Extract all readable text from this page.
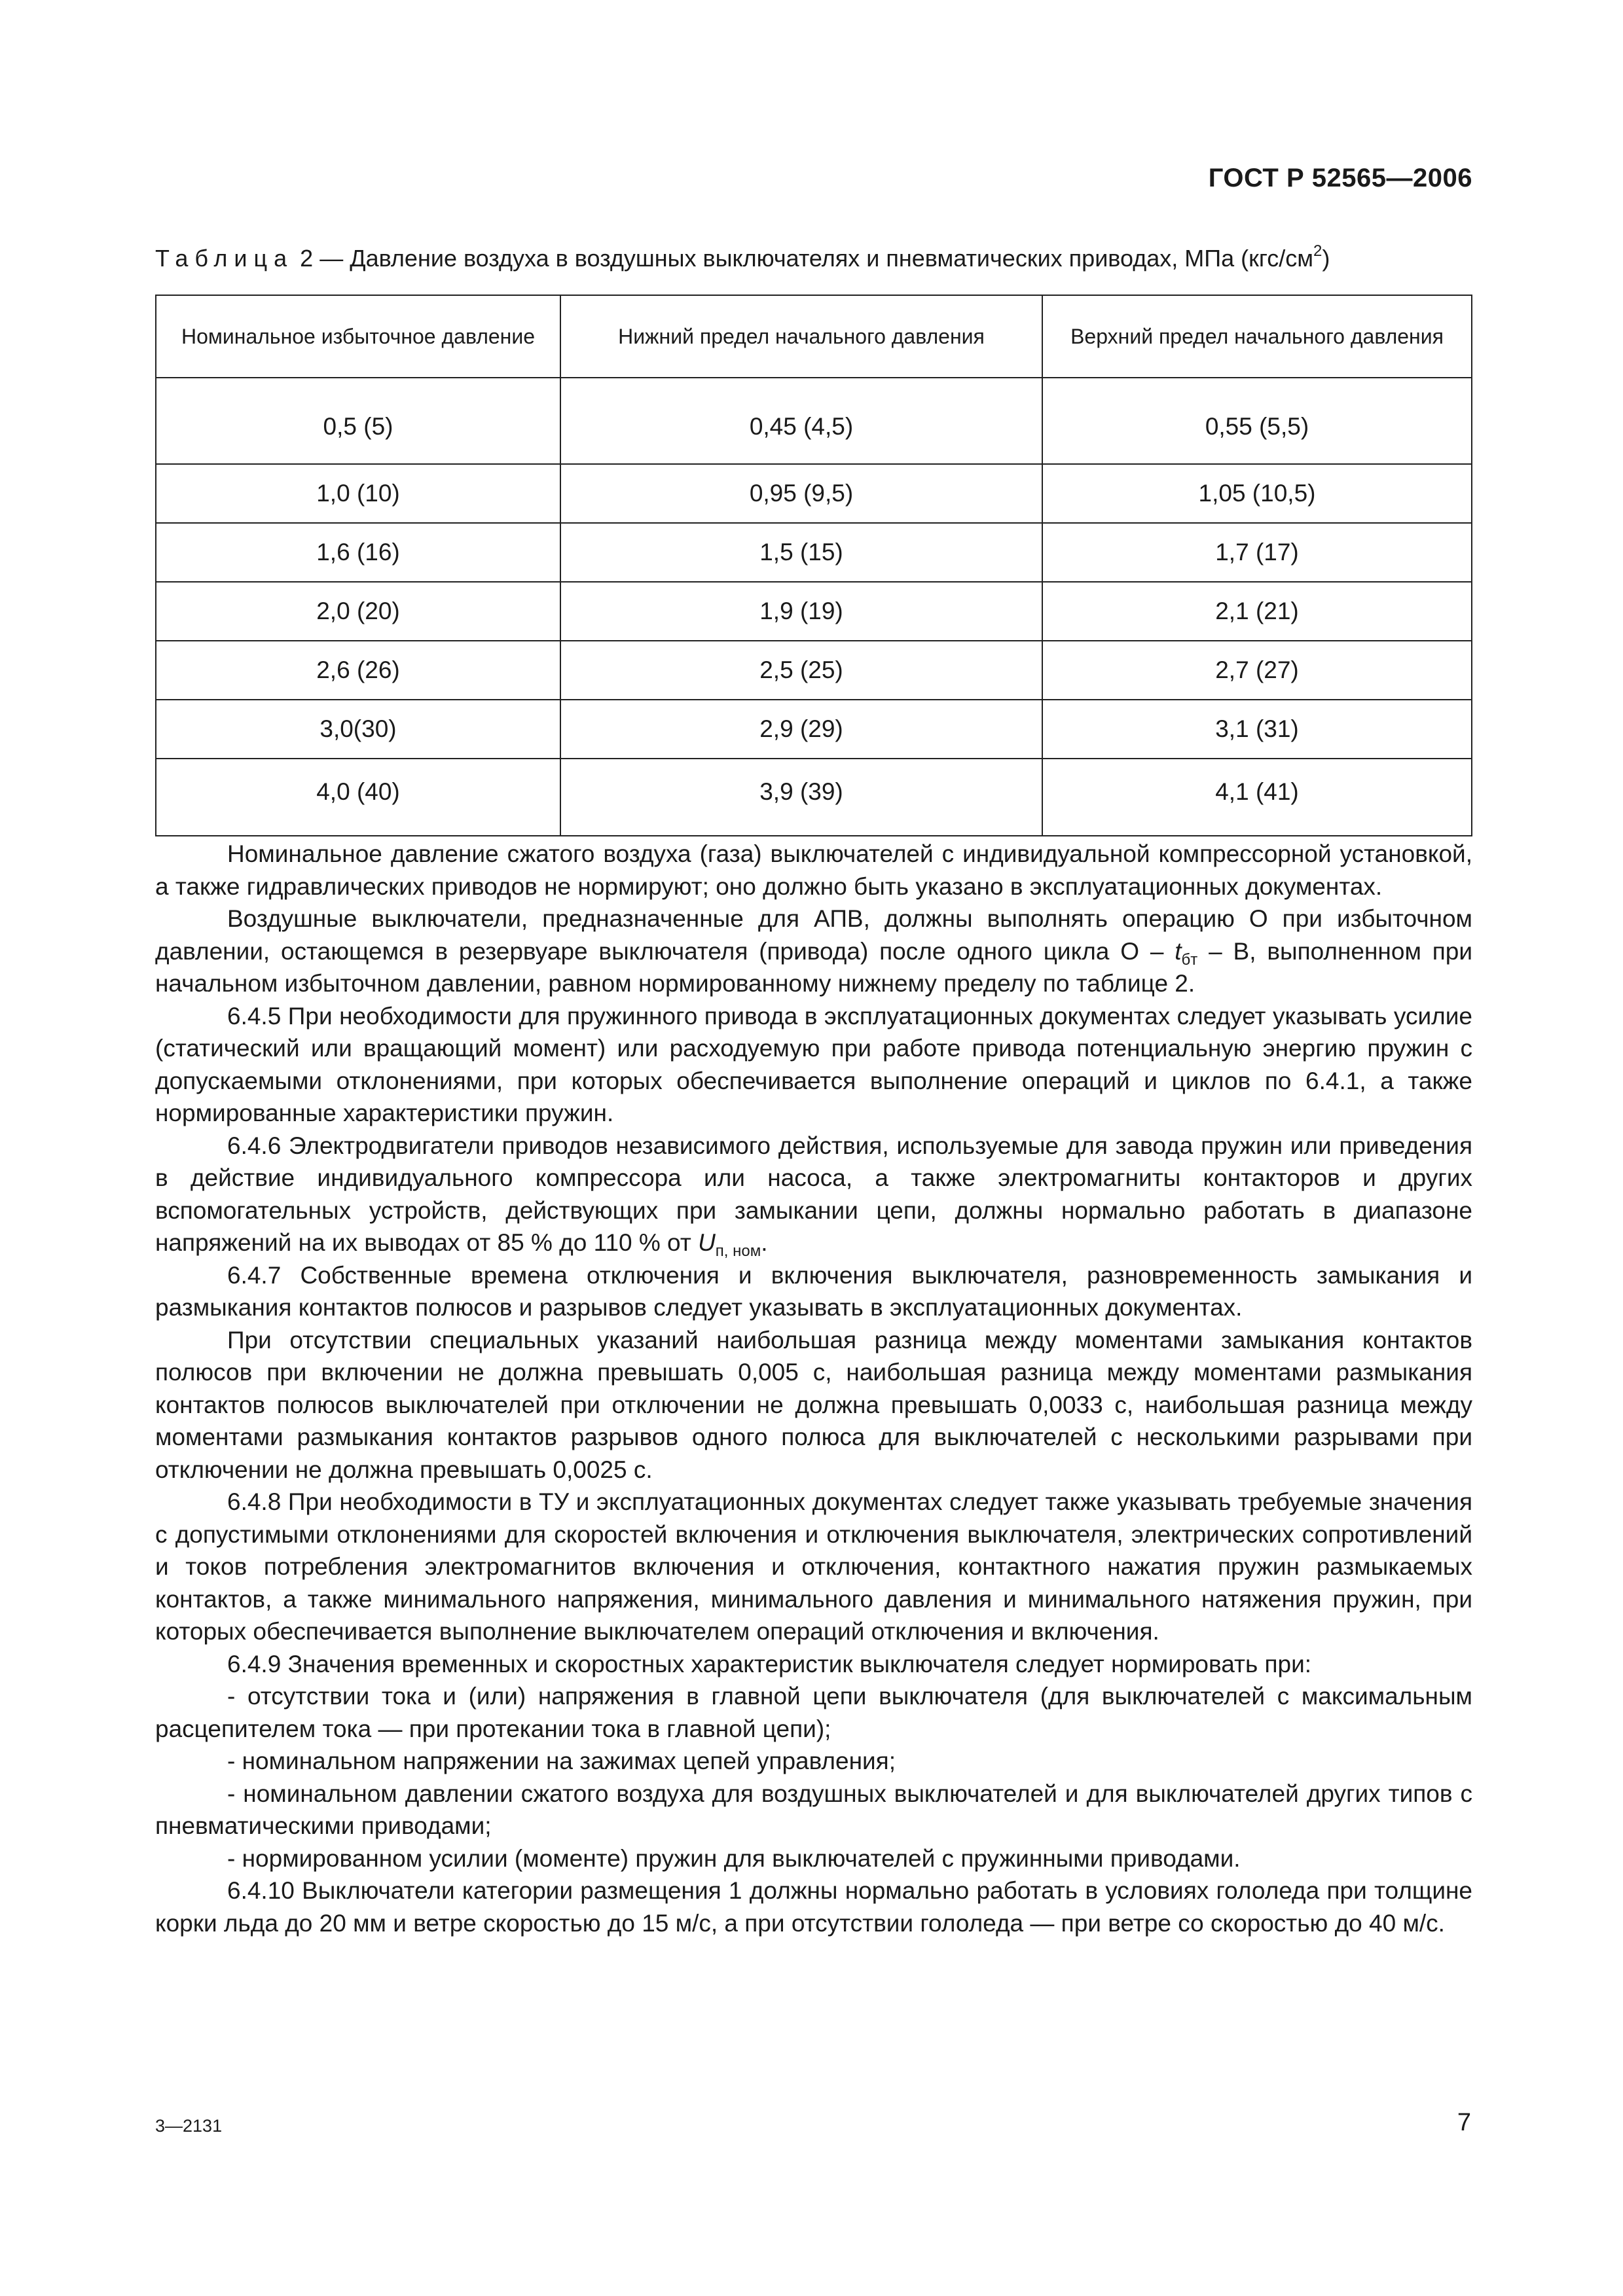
ГОСТ Р 52565—2006
Таблица 2 — Давление воздуха в воздушных выключателях и пневматических приводах, МПа $(кгс/см^2)$
Номинальное избыточное давление	Нижний предел начального давления	Верхний предел начального давления
0,5 (5)	0,45 (4,5)	0,55 (5,5)
1,0 (10)	0,95 (9,5)	1,05 (10,5)
1,6 (16)	1,5 (15)	1,7 (17)
2,0 (20)	1,9 (19)	2,1 (21)
2,6 (26)	2,5 (25)	2,7 (27)
3,0(30)	2,9 (29)	3,1 (31)
4,0 (40)	3,9 (39)	4,1 (41)

Номинальное давление сжатого воздуха (газа) выключателей с индивидуальной компрессорной установкой, а также гидравлических приводов не нормируют; оно должно быть указано в эксплуатационных документах.

Воздушные выключатели, предназначенные для АПВ, должны выполнять операцию О при избыточном давлении, остающемся в резервуаре выключателя (привода) после одного цикла О – $t_{бт}$ – В, выполненном при начальном избыточном давлении, равном нормированному нижнему пределу по таблице 2.

6.4.5 При необходимости для пружинного привода в эксплуатационных документах следует указывать усилие (статический или вращающий момент) или расходуемую при работе привода потенциальную энергию пружин с допускаемыми отклонениями, при которых обеспечивается выполнение операций и циклов по 6.4.1, а также нормированные характеристики пружин.

6.4.6 Электродвигатели приводов независимого действия, используемые для завода пружин или приведения в действие индивидуального компрессора или насоса, а также электромагниты контакторов и других вспомогательных устройств, действующих при замыкании цепи, должны нормально работать в диапазоне напряжений на их выводах от 85 % до 110 % от $U_{п, ном}$.

6.4.7 Собственные времена отключения и включения выключателя, разновременность замыкания и размыкания контактов полюсов и разрывов следует указывать в эксплуатационных документах.

При отсутствии специальных указаний наибольшая разница между моментами замыкания контактов полюсов при включении не должна превышать 0,005 с, наибольшая разница между моментами размыкания контактов полюсов выключателей при отключении не должна превышать 0,0033 с, наибольшая разница между моментами размыкания контактов разрывов одного полюса для выключателей с несколькими разрывами при отключении не должна превышать 0,0025 с.

6.4.8 При необходимости в ТУ и эксплуатационных документах следует также указывать требуемые значения с допустимыми отклонениями для скоростей включения и отключения выключателя, электрических сопротивлений и токов потребления электромагнитов включения и отключения, контактного нажатия пружин размыкаемых контактов, а также минимального напряжения, минимального давления и минимального натяжения пружин, при которых обеспечивается выполнение выключателем операций отключения и включения.

6.4.9 Значения временных и скоростных характеристик выключателя следует нормировать при:

- отсутствии тока и (или) напряжения в главной цепи выключателя (для выключателей с максимальным расцепителем тока — при протекании тока в главной цепи);

- номинальном напряжении на зажимах цепей управления;

- номинальном давлении сжатого воздуха для воздушных выключателей и для выключателей других типов с пневматическими приводами;

- нормированном усилии (моменте) пружин для выключателей с пружинными приводами.

6.4.10 Выключатели категории размещения 1 должны нормально работать в условиях гололеда при толщине корки льда до 20 мм и ветре скоростью до 15 м/с, а при отсутствии гололеда — при ветре со скоростью до 40 м/с.

3—2131	7
